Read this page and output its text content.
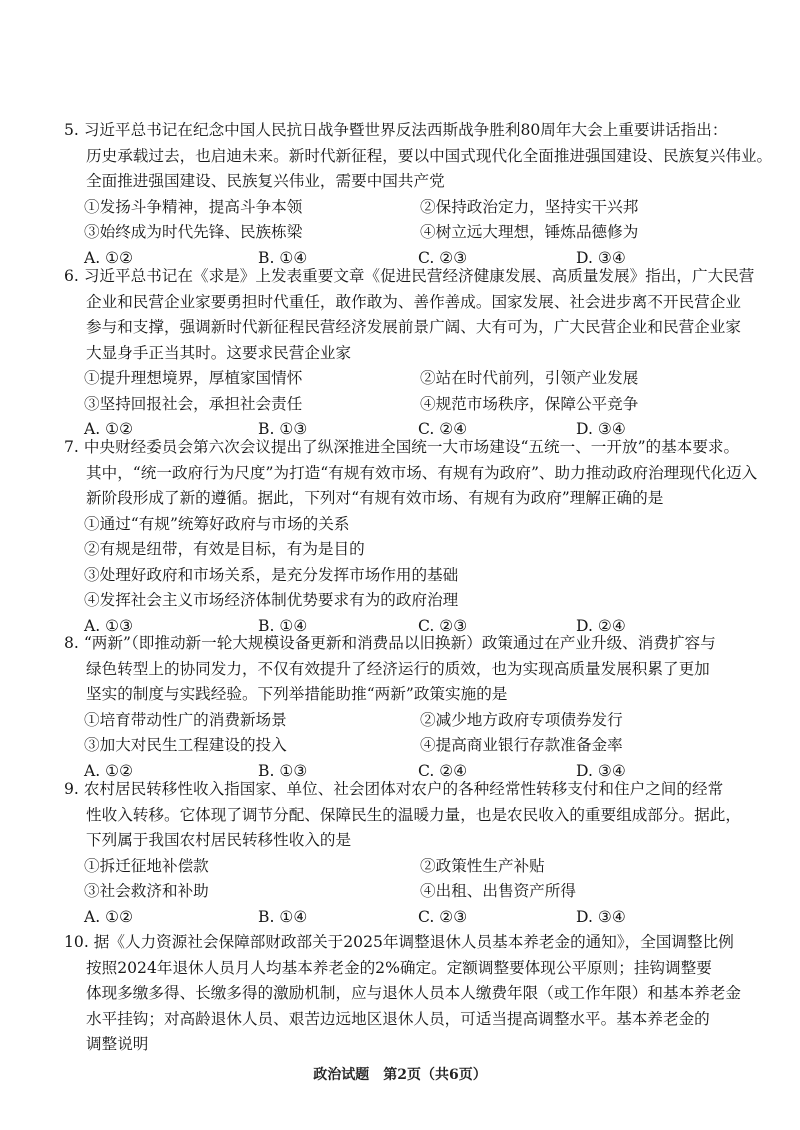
5. 习近平总书记在纪念中国人民抗日战争暨世界反法西斯战争胜利80周年大会上重要讲话指出：
历史承载过去，也启迪未来。新时代新征程，要以中国式现代化全面推进强国建设、民族复兴伟业。
全面推进强国建设、民族复兴伟业，需要中国共产党
①发扬斗争精神，提高斗争本领	②保持政治定力，坚持实干兴邦
③始终成为时代先锋、民族栋梁	④树立远大理想，锤炼品德修为
A. ①②	B. ①④	C. ②③	D. ③④
6. 习近平总书记在《求是》上发表重要文章《促进民营经济健康发展、高质量发展》指出，广大民营
企业和民营企业家要勇担时代重任，敢作敢为、善作善成。国家发展、社会进步离不开民营企业
参与和支撑，强调新时代新征程民营经济发展前景广阔、大有可为，广大民营企业和民营企业家
大显身手正当其时。这要求民营企业家
①提升理想境界，厚植家国情怀	②站在时代前列，引领产业发展
③坚持回报社会，承担社会责任	④规范市场秩序，保障公平竞争
A. ①②	B. ①③	C. ②④	D. ③④
7. 中央财经委员会第六次会议提出了纵深推进全国统一大市场建设“五统一、一开放”的基本要求。
其中，“统一政府行为尺度”为打造“有规有效市场、有规有为政府”、助力推动政府治理现代化迈入
新阶段形成了新的遵循。据此，下列对“有规有效市场、有规有为政府”理解正确的是
①通过“有规”统筹好政府与市场的关系
②有规是纽带，有效是目标，有为是目的
③处理好政府和市场关系，是充分发挥市场作用的基础
④发挥社会主义市场经济体制优势要求有为的政府治理
A. ①③	B. ①④	C. ②③	D. ②④
8. “两新”（即推动新一轮大规模设备更新和消费品以旧换新）政策通过在产业升级、消费扩容与
绿色转型上的协同发力，不仅有效提升了经济运行的质效，也为实现高质量发展积累了更加
坚实的制度与实践经验。下列举措能助推“两新”政策实施的是
①培育带动性广的消费新场景	②减少地方政府专项债券发行
③加大对民生工程建设的投入	④提高商业银行存款准备金率
A. ①②	B. ①③	C. ②④	D. ③④
9. 农村居民转移性收入指国家、单位、社会团体对农户的各种经常性转移支付和住户之间的经常
性收入转移。它体现了调节分配、保障民生的温暖力量，也是农民收入的重要组成部分。据此，
下列属于我国农村居民转移性收入的是
①拆迁征地补偿款	②政策性生产补贴
③社会救济和补助	④出租、出售资产所得
A. ①②	B. ①④	C. ②③	D. ③④
10. 据《人力资源社会保障部财政部关于2025年调整退休人员基本养老金的通知》，全国调整比例
按照2024年退休人员月人均基本养老金的2%确定。定额调整要体现公平原则；挂钩调整要
体现多缴多得、长缴多得的激励机制，应与退休人员本人缴费年限（或工作年限）和基本养老金
水平挂钩；对高龄退休人员、艰苦边远地区退休人员，可适当提高调整水平。基本养老金的
调整说明
政治试题　第2页（共6页）
